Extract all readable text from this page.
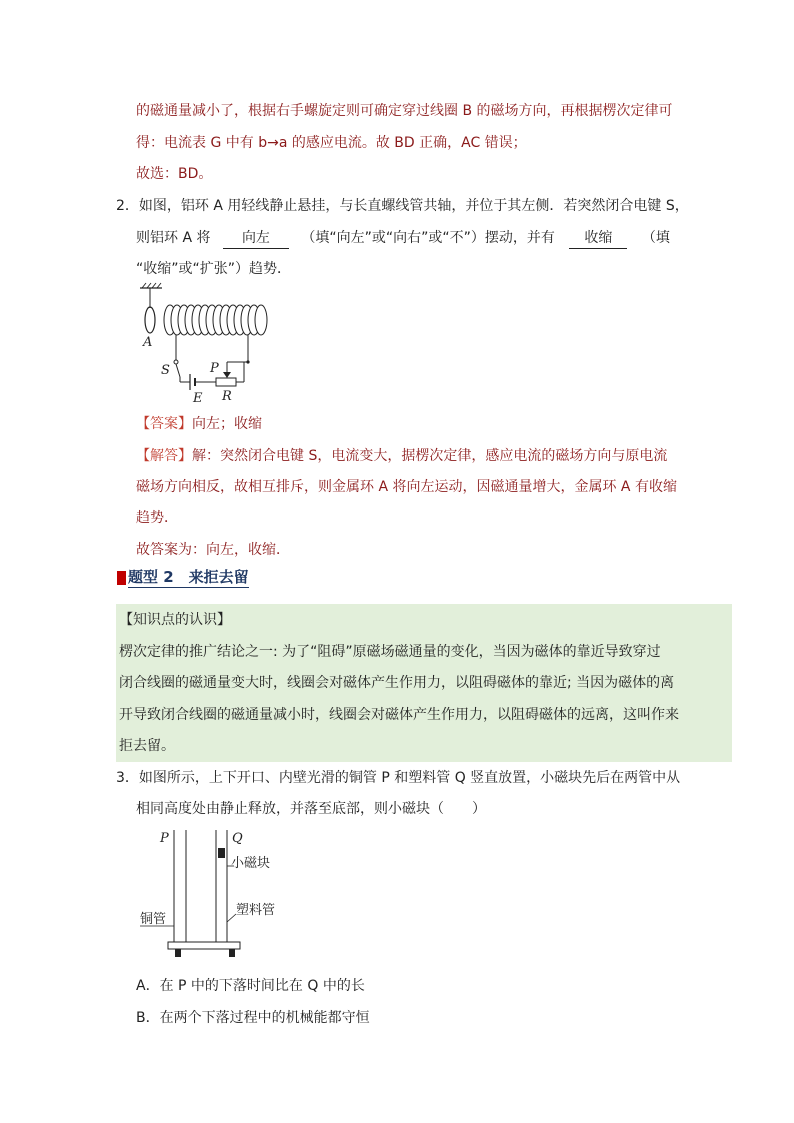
的磁通量减小了，根据右手螺旋定则可确定穿过线圈 B 的磁场方向，再根据楞次定律可
得：电流表 G 中有 b→a 的感应电流。故 BD 正确，AC 错误；
故选：BD。
2．如图，铝环 A 用轻线静止悬挂，与长直螺线管共轴，并位于其左侧．若突然闭合电键 S，
则铝环 A 将 向左 （填“向左”或“向右”或“不”）摆动，并有 收缩 （填
“收缩”或“扩张”）趋势．
A
S	P
E R
【答案】向左；收缩
【解答】解：突然闭合电键 S，电流变大，据楞次定律，感应电流的磁场方向与原电流
磁场方向相反，故相互排斥，则金属环 A 将向左运动，因磁通量增大，金属环 A 有收缩
趋势．
故答案为：向左，收缩．
题型 2　来拒去留
【知识点的认识】
楞次定律的推广结论之一: 为了“阻碍”原磁场磁通量的变化，当因为磁体的靠近导致穿过
闭合线圈的磁通量变大时，线圈会对磁体产生作用力，以阻碍磁体的靠近; 当因为磁体的离
开导致闭合线圈的磁通量减小时，线圈会对磁体产生作用力，以阻碍磁体的远离，这叫作来
拒去留。
3．如图所示，上下开口、内壁光滑的铜管 P 和塑料管 Q 竖直放置，小磁块先后在两管中从
相同高度处由静止释放，并落至底部，则小磁块（　　）
P	Q
小磁块
塑料管
铜管
A．在 P 中的下落时间比在 Q 中的长
B．在两个下落过程中的机械能都守恒
